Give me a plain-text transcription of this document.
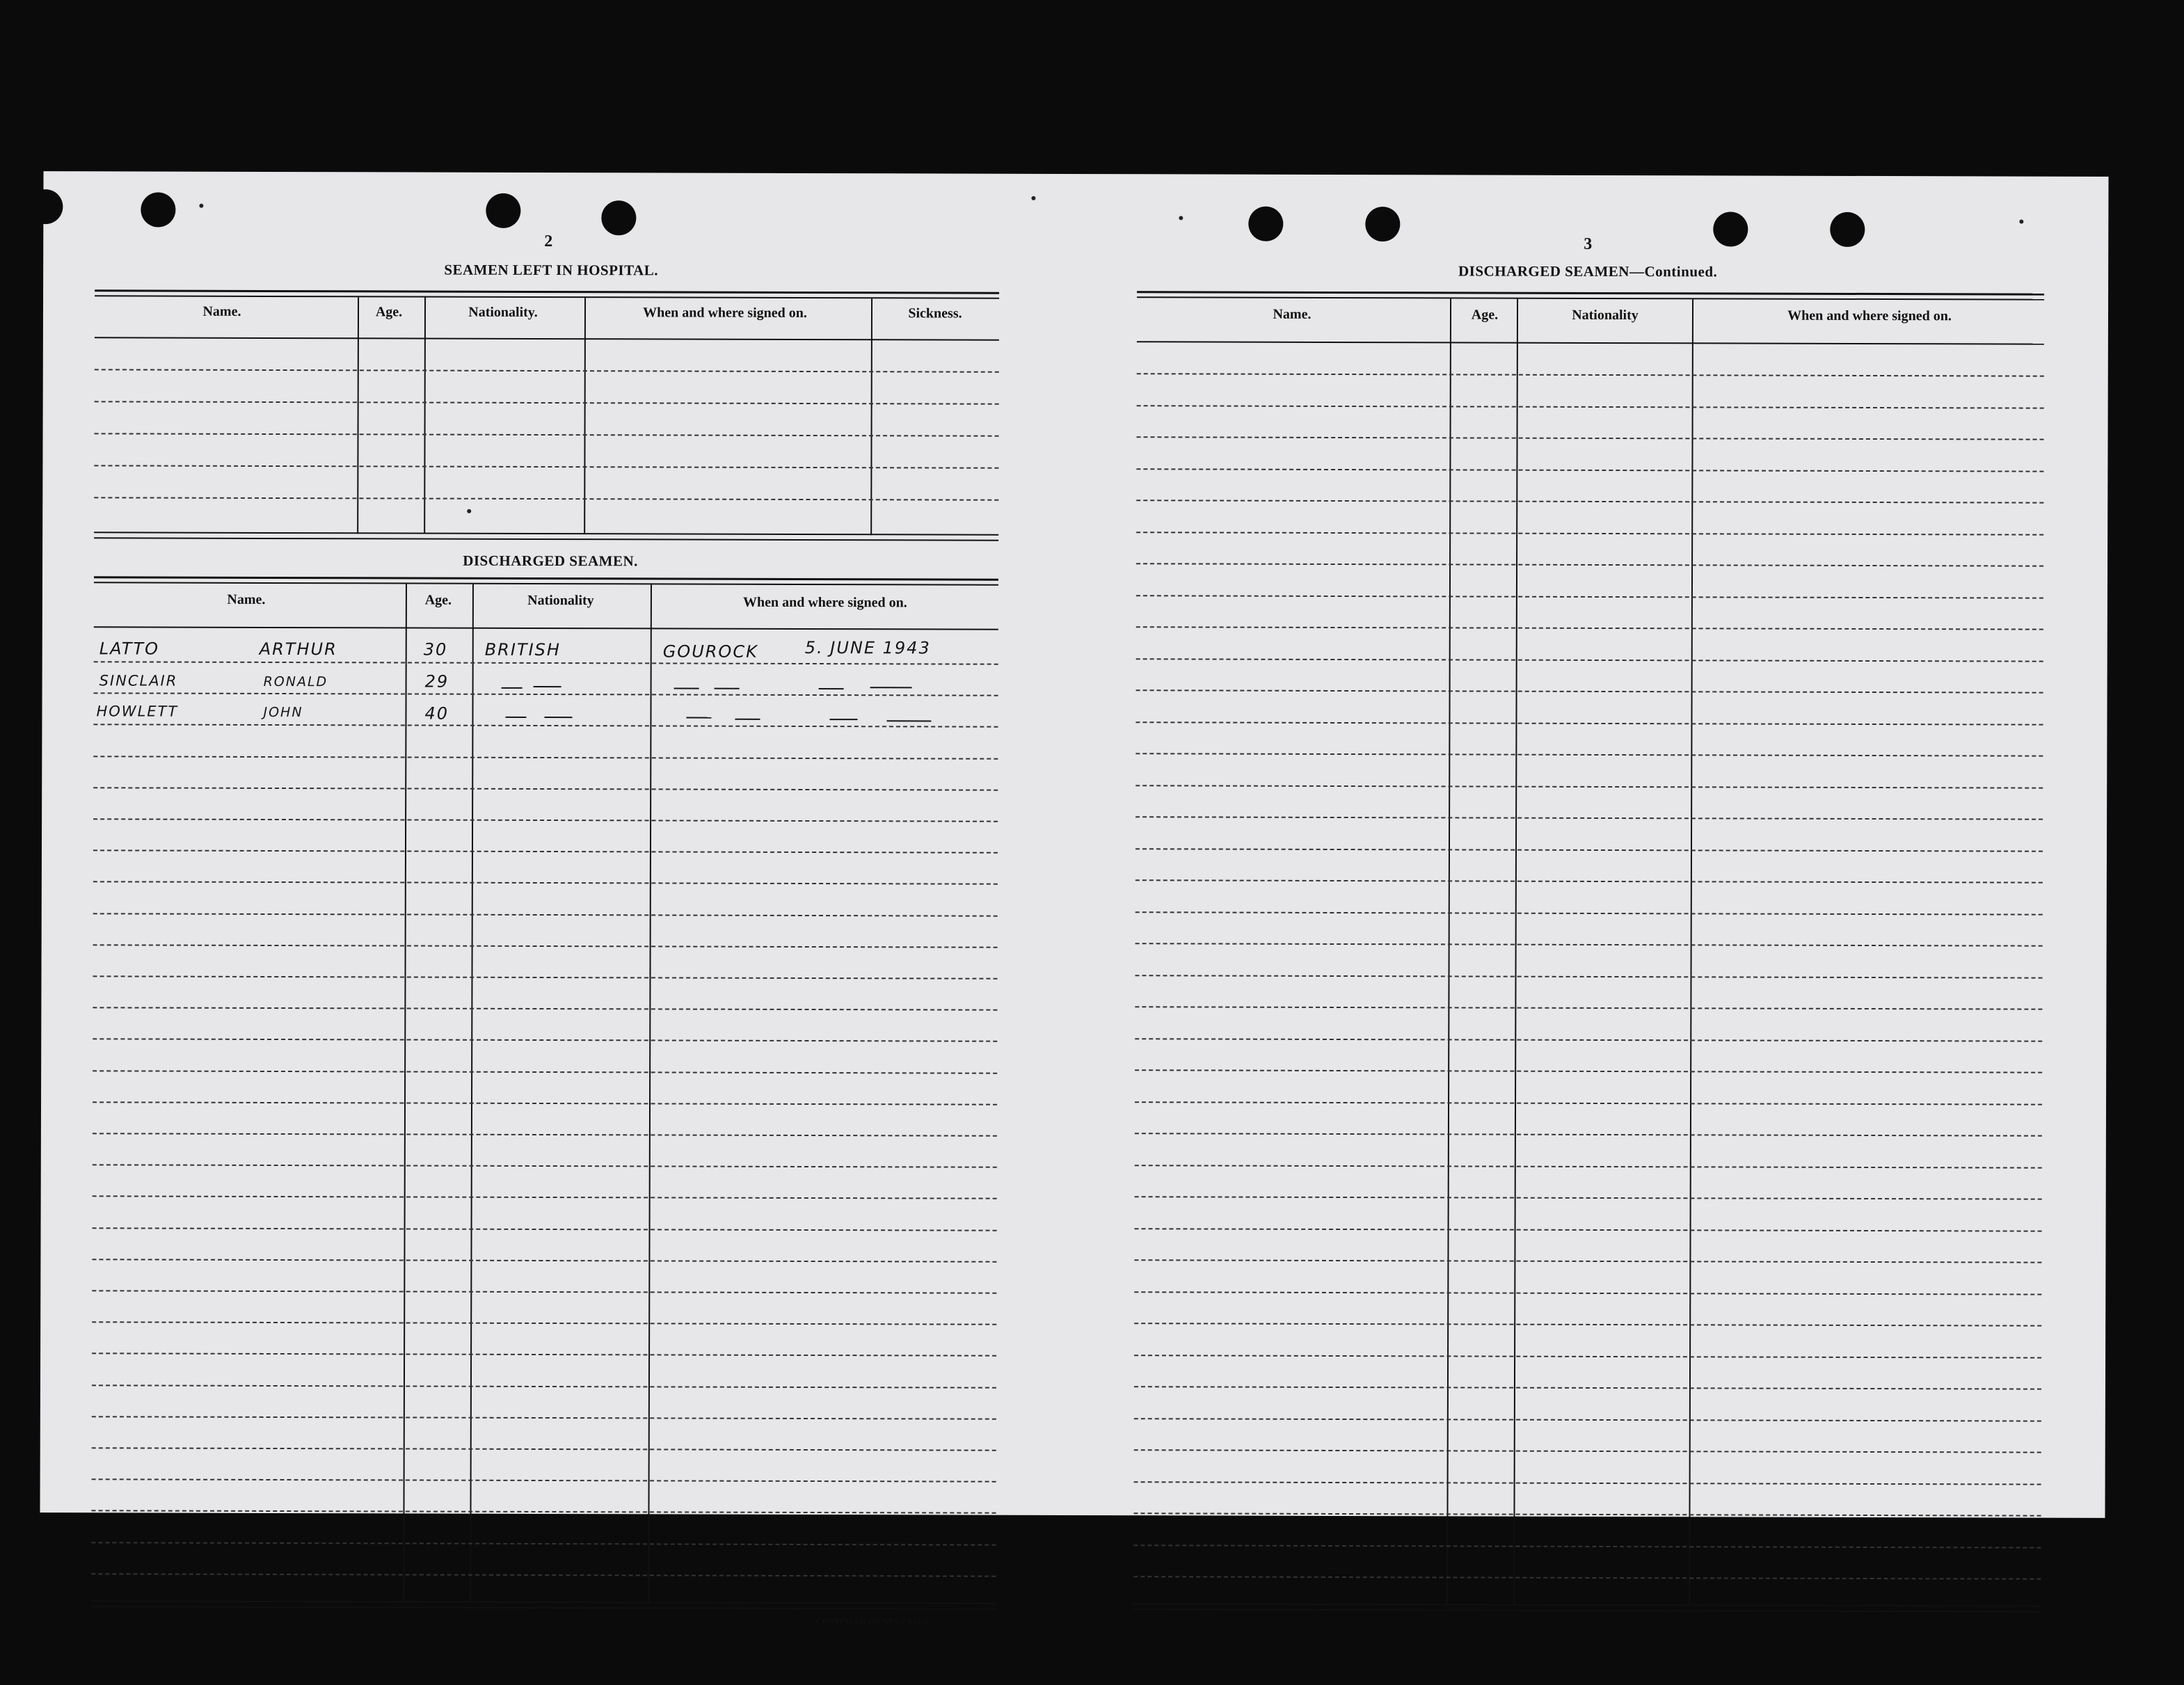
2
SEAMEN LEFT IN HOSPITAL.
Name.	Age.	Nationality.	When and where signed on.	Sickness.
DISCHARGED SEAMEN.
Name.	Age.	Nationality	When and where signed on.
LATTO	ARTHUR	30 BRITISH	GOUROCK	5. JUNE 1943
SINCLAIR	RONALD	29
HOWLETT	JOHN	40
CONTINUED ON NEXT PAGE.
3
DISCHARGED SEAMEN—Continued.
Name.	Age.	Nationality	When and where signed on.
